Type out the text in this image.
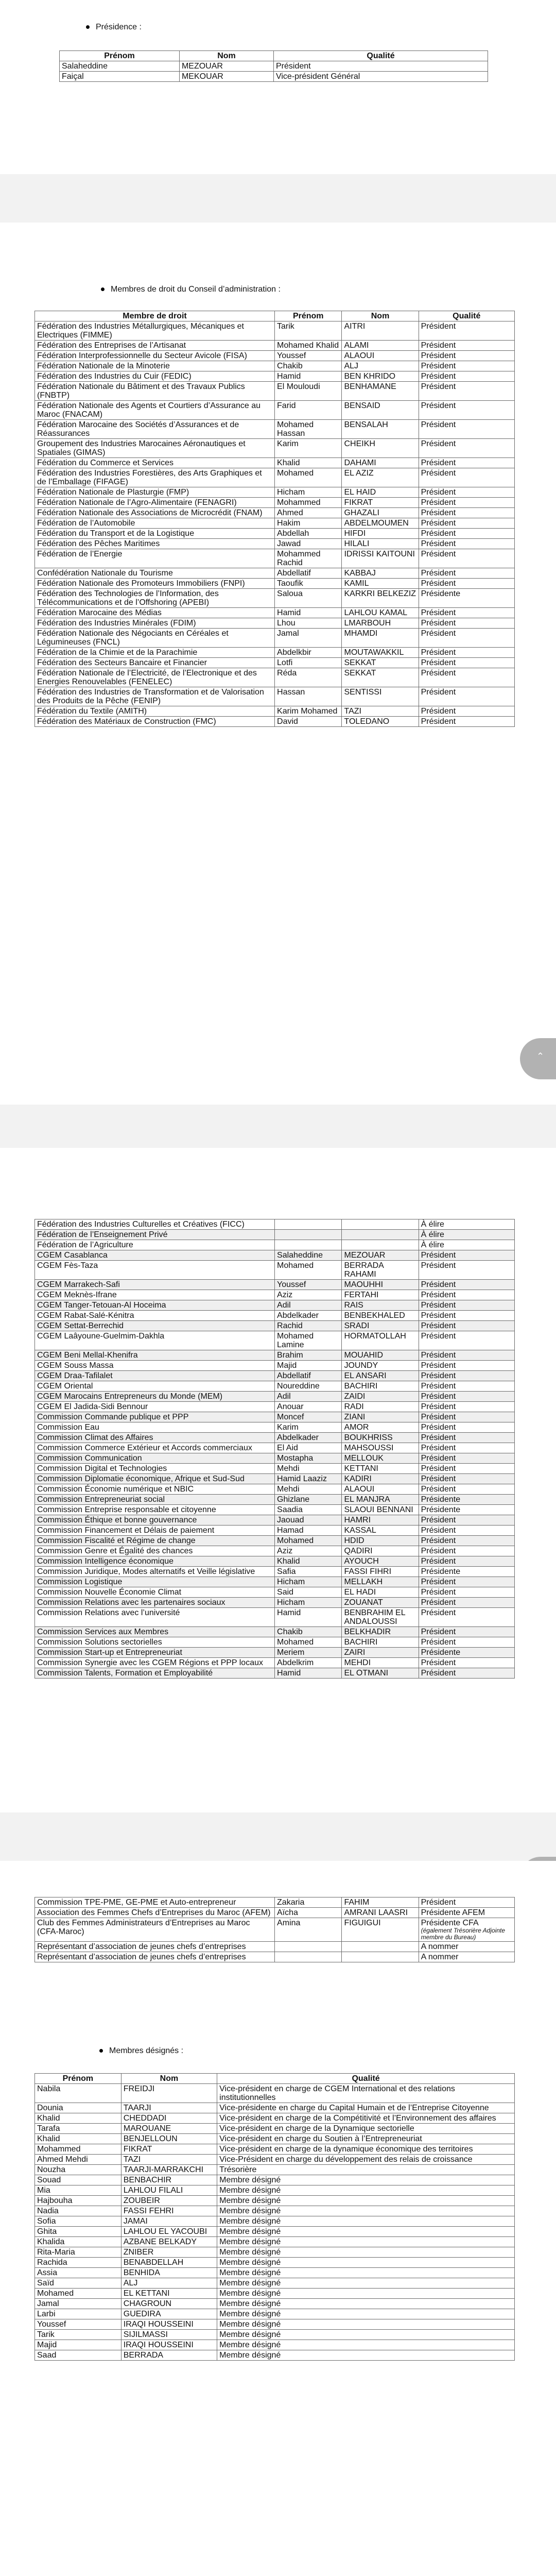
Présidence :
Prénom	Nom	Qualité
Salaheddine	MEZOUAR	Président
Faiçal	MEKOUAR	Vice-président Général
Membres de droit du Conseil d’administration :
Membre de droit	Prénom	Nom	Qualité
Fédération des Industries Métallurgiques, Mécaniques et Electriques (FIMME)	Tarik	AITRI	Président
Fédération des Entreprises de l’Artisanat	Mohamed Khalid	ALAMI	Président
Fédération Interprofessionnelle du Secteur Avicole (FISA)	Youssef	ALAOUI	Président
Fédération Nationale de la Minoterie	Chakib	ALJ	Président
Fédération des Industries du Cuir (FEDIC)	Hamid	BEN KHRIDO	Président
Fédération Nationale du Bâtiment et des Travaux Publics (FNBTP)	El Mouloudi	BENHAMANE	Président
Fédération Nationale des Agents et Courtiers d’Assurance au Maroc (FNACAM)	Farid	BENSAID	Président
Fédération Marocaine des Sociétés d’Assurances et de Réassurances	Mohamed Hassan	BENSALAH	Président
Groupement des Industries Marocaines Aéronautiques et Spatiales (GIMAS)	Karim	CHEIKH	Président
Fédération du Commerce et Services	Khalid	DAHAMI	Président
Fédération des Industries Forestières, des Arts Graphiques et de l’Emballage (FIFAGE)	Mohamed	EL AZIZ	Président
Fédération Nationale de Plasturgie (FMP)	Hicham	EL HAID	Président
Fédération Nationale de l’Agro-Alimentaire (FENAGRI)	Mohammed	FIKRAT	Président
Fédération Nationale des Associations de Microcrédit (FNAM)	Ahmed	GHAZALI	Président
Fédération de l’Automobile	Hakim	ABDELMOUMEN	Président
Fédération du Transport et de la Logistique	Abdellah	HIFDI	Président
Fédération des Pêches Maritimes	Jawad	HILALI	Président
Fédération de l’Energie	Mohammed Rachid	IDRISSI KAITOUNI	Président
Confédération Nationale du Tourisme	Abdellatif	KABBAJ	Président
Fédération Nationale des Promoteurs Immobiliers (FNPI)	Taoufik	KAMIL	Président
Fédération des Technologies de l’Information, des Télécommunications et de l’Offshoring (APEBI)	Saloua	KARKRI BELKEZIZ	Présidente
Fédération Marocaine des Médias	Hamid	LAHLOU KAMAL	Président
Fédération des Industries Minérales (FDIM)	Lhou	LMARBOUH	Président
Fédération Nationale des Négociants en Céréales et Légumineuses (FNCL)	Jamal	MHAMDI	Président
Fédération de la Chimie et de la Parachimie	Abdelkbir	MOUTAWAKKIL	Président
Fédération des Secteurs Bancaire et Financier	Lotfi	SEKKAT	Président
Fédération Nationale de l’Electricité, de l’Electronique et des Energies Renouvelables (FENELEC)	Réda	SEKKAT	Président
Fédération des Industries de Transformation et de Valorisation des Produits de la Pêche (FENIP)	Hassan	SENTISSI	Président
Fédération du Textile (AMITH)	Karim Mohamed	TAZI	Président
Fédération des Matériaux de Construction (FMC)	David	TOLEDANO	Président
⌃
Fédération des Industries Culturelles et Créatives (FICC)			À élire
Fédération de l’Enseignement Privé			À élire
Fédération de l’Agriculture			À élire
CGEM Casablanca	Salaheddine	MEZOUAR	Président
CGEM Fès-Taza	Mohamed	BERRADA RAHAMI	Président
CGEM Marrakech-Safi	Youssef	MAOUHHI	Président
CGEM Meknès-Ifrane	Aziz	FERTAHI	Président
CGEM Tanger-Tetouan-Al Hoceima	Adil	RAIS	Président
CGEM Rabat-Salé-Kénitra	Abdelkader	BENBEKHALED	Président
CGEM Settat-Berrechid	Rachid	SRADI	Président
CGEM Laâyoune-Guelmim-Dakhla	Mohamed Lamine	HORMATOLLAH	Président
CGEM Beni Mellal-Khenifra	Brahim	MOUAHID	Président
CGEM Souss Massa	Majid	JOUNDY	Président
CGEM Draa-Tafilalet	Abdellatif	EL ANSARI	Président
CGEM Oriental	Noureddine	BACHIRI	Président
CGEM Marocains Entrepreneurs du Monde (MEM)	Adil	ZAIDI	Président
CGEM El Jadida-Sidi Bennour	Anouar	RADI	Président
Commission Commande publique et PPP	Moncef	ZIANI	Président
Commission Eau	Karim	AMOR	Président
Commission Climat des Affaires	Abdelkader	BOUKHRISS	Président
Commission Commerce Extérieur et Accords commerciaux	El Aid	MAHSOUSSI	Président
Commission Communication	Mostapha	MELLOUK	Président
Commission Digital et Technologies	Mehdi	KETTANI	Président
Commission Diplomatie économique, Afrique et Sud-Sud	Hamid Laaziz	KADIRI	Président
Commission Économie numérique et NBIC	Mehdi	ALAOUI	Président
Commission Entrepreneuriat social	Ghizlane	EL MANJRA	Présidente
Commission Entreprise responsable et citoyenne	Saadia	SLAOUI BENNANI	Présidente
Commission Éthique et bonne gouvernance	Jaouad	HAMRI	Président
Commission Financement et Délais de paiement	Hamad	KASSAL	Président
Commission Fiscalité et Régime de change	Mohamed	HDID	Président
Commission Genre et Égalité des chances	Aziz	QADIRI	Président
Commission Intelligence économique	Khalid	AYOUCH	Président
Commission Juridique, Modes alternatifs et Veille législative	Safia	FASSI FIHRI	Présidente
Commission Logistique	Hicham	MELLAKH	Président
Commission Nouvelle Économie Climat	Said	EL HADI	Président
Commission Relations avec les partenaires sociaux	Hicham	ZOUANAT	Président
Commission Relations avec l’université	Hamid	BENBRAHIM EL ANDALOUSSI	Président
Commission Services aux Membres	Chakib	BELKHADIR	Président
Commission Solutions sectorielles	Mohamed	BACHIRI	Président
Commission Start-up et Entrepreneuriat	Meriem	ZAIRI	Présidente
Commission Synergie avec les CGEM Régions et PPP locaux	Abdelkrim	MEHDI	Président
Commission Talents, Formation et Employabilité	Hamid	EL OTMANI	Président
Commission TPE-PME, GE-PME et Auto-entrepreneur	Zakaria	FAHIM	Président
Association des Femmes Chefs d’Entreprises du Maroc (AFEM)	Aïcha	AMRANI LAASRI	Présidente AFEM
Club des Femmes Administrateurs d’Entreprises au Maroc (CFA-Maroc)	Amina	FIGUIGUI	Présidente CFA
(également Trésorière Adjointe membre du Bureau)

Représentant d’association de jeunes chefs d’entreprises			A nommer
Représentant d’association de jeunes chefs d’entreprises			A nommer
Membres désignés :
Prénom	Nom	Qualité
Nabila	FREIDJI	Vice-président en charge de CGEM International et des relations institutionnelles
Dounia	TAARJI	Vice-présidente en charge du Capital Humain et de l’Entreprise Citoyenne
Khalid	CHEDDADI	Vice-président en charge de la Compétitivité et l’Environnement des affaires
Tarafa	MAROUANE	Vice-président en charge de la Dynamique sectorielle
Khalid	BENJELLOUN	Vice-président en charge du Soutien à l’Entrepreneuriat
Mohammed	FIKRAT	Vice-président en charge de la dynamique économique des territoires
Ahmed Mehdi	TAZI	Vice-Président en charge du développement des relais de croissance
Nouzha	TAARJI-MARRAKCHI	Trésorière
Souad	BENBACHIR	Membre désigné
Mia	LAHLOU FILALI	Membre désigné
Hajbouha	ZOUBEIR	Membre désigné
Nadia	FASSI FEHRI	Membre désigné
Sofia	JAMAI	Membre désigné
Ghita	LAHLOU EL YACOUBI	Membre désigné
Khalida	AZBANE BELKADY	Membre désigné
Rita-Maria	ZNIBER	Membre désigné
Rachida	BENABDELLAH	Membre désigné
Assia	BENHIDA	Membre désigné
Saïd	ALJ	Membre désigné
Mohamed	EL KETTANI	Membre désigné
Jamal	CHAGROUN	Membre désigné
Larbi	GUEDIRA	Membre désigné
Youssef	IRAQI HOUSSEINI	Membre désigné
Tarik	SIJILMASSI	Membre désigné
Majid	IRAQI HOUSSEINI	Membre désigné
Saad	BERRADA	Membre désigné
